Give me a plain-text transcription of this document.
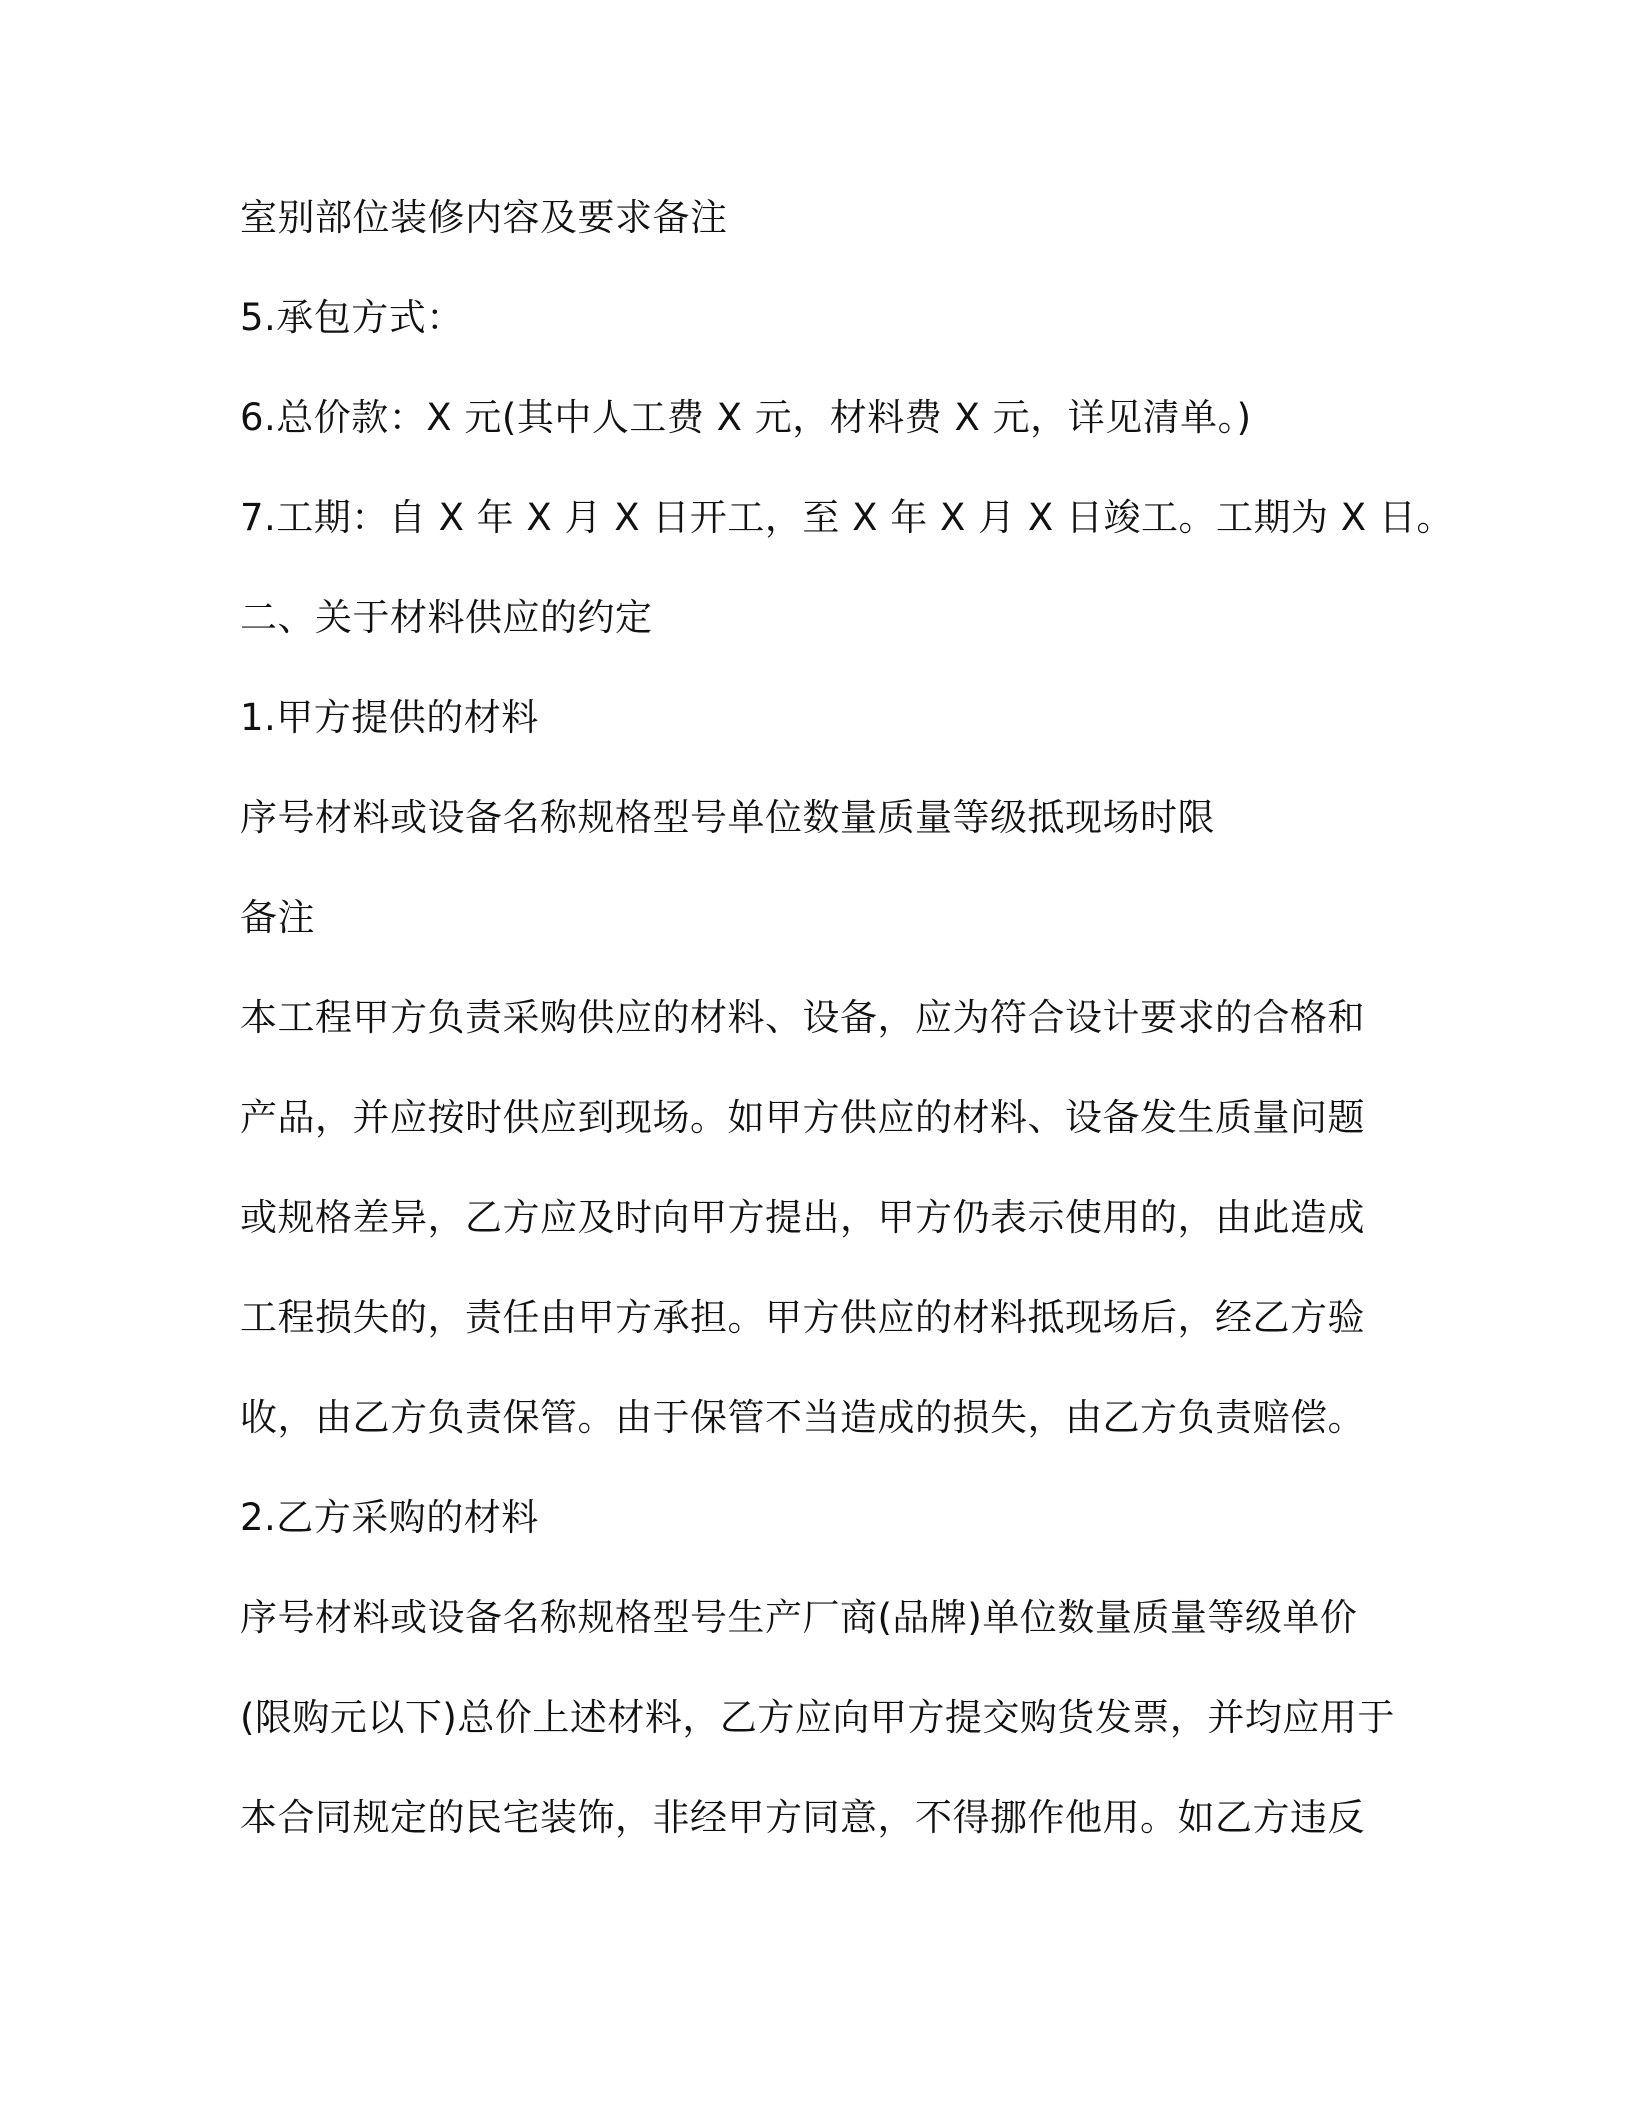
室别部位装修内容及要求备注

5.承包方式：

6.总价款：X 元(其中人工费 X 元，材料费 X 元，详见清单。)

7.工期：自 X 年 X 月 X 日开工，至 X 年 X 月 X 日竣工。工期为 X 日。

二、关于材料供应的约定

1.甲方提供的材料

序号材料或设备名称规格型号单位数量质量等级抵现场时限

备注

本工程甲方负责采购供应的材料、设备，应为符合设计要求的合格和

产品，并应按时供应到现场。如甲方供应的材料、设备发生质量问题

或规格差异，乙方应及时向甲方提出，甲方仍表示使用的，由此造成

工程损失的，责任由甲方承担。甲方供应的材料抵现场后，经乙方验

收，由乙方负责保管。由于保管不当造成的损失，由乙方负责赔偿。

2.乙方采购的材料

序号材料或设备名称规格型号生产厂商(品牌)单位数量质量等级单价

(限购元以下)总价上述材料，乙方应向甲方提交购货发票，并均应用于

本合同规定的民宅装饰，非经甲方同意，不得挪作他用。如乙方违反
